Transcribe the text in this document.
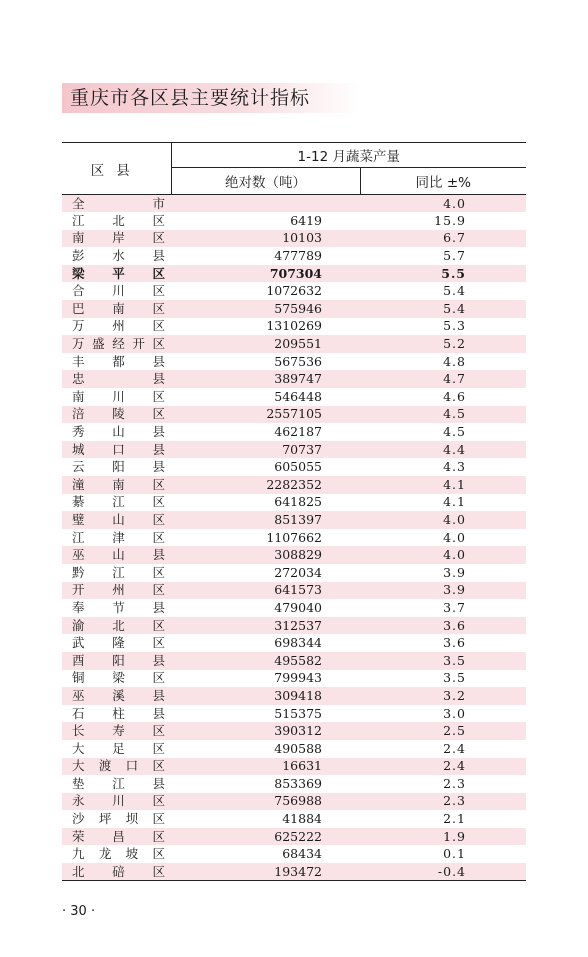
重庆市各区县主要统计指标
区县	1-12 月蔬菜产量	
	绝对数（吨）	同比 ±%
全市		4.0
江北区	6419	15.9
南岸区	10103	6.7
彭水县	477789	5.7
梁平区	707304	5.5
合川区	1072632	5.4
巴南区	575946	5.4
万州区	1310269	5.3
万盛经开区	209551	5.2
丰都县	567536	4.8
忠县	389747	4.7
南川区	546448	4.6
涪陵区	2557105	4.5
秀山县	462187	4.5
城口县	70737	4.4
云阳县	605055	4.3
潼南区	2282352	4.1
綦江区	641825	4.1
璧山区	851397	4.0
江津区	1107662	4.0
巫山县	308829	4.0
黔江区	272034	3.9
开州区	641573	3.9
奉节县	479040	3.7
渝北区	312537	3.6
武隆区	698344	3.6
酉阳县	495582	3.5
铜梁区	799943	3.5
巫溪县	309418	3.2
石柱县	515375	3.0
长寿区	390312	2.5
大足区	490588	2.4
大渡口区	16631	2.4
垫江县	853369	2.3
永川区	756988	2.3
沙坪坝区	41884	2.1
荣昌区	625222	1.9
九龙坡区	68434	0.1
北碚区	193472	-0.4
· 30 ·
